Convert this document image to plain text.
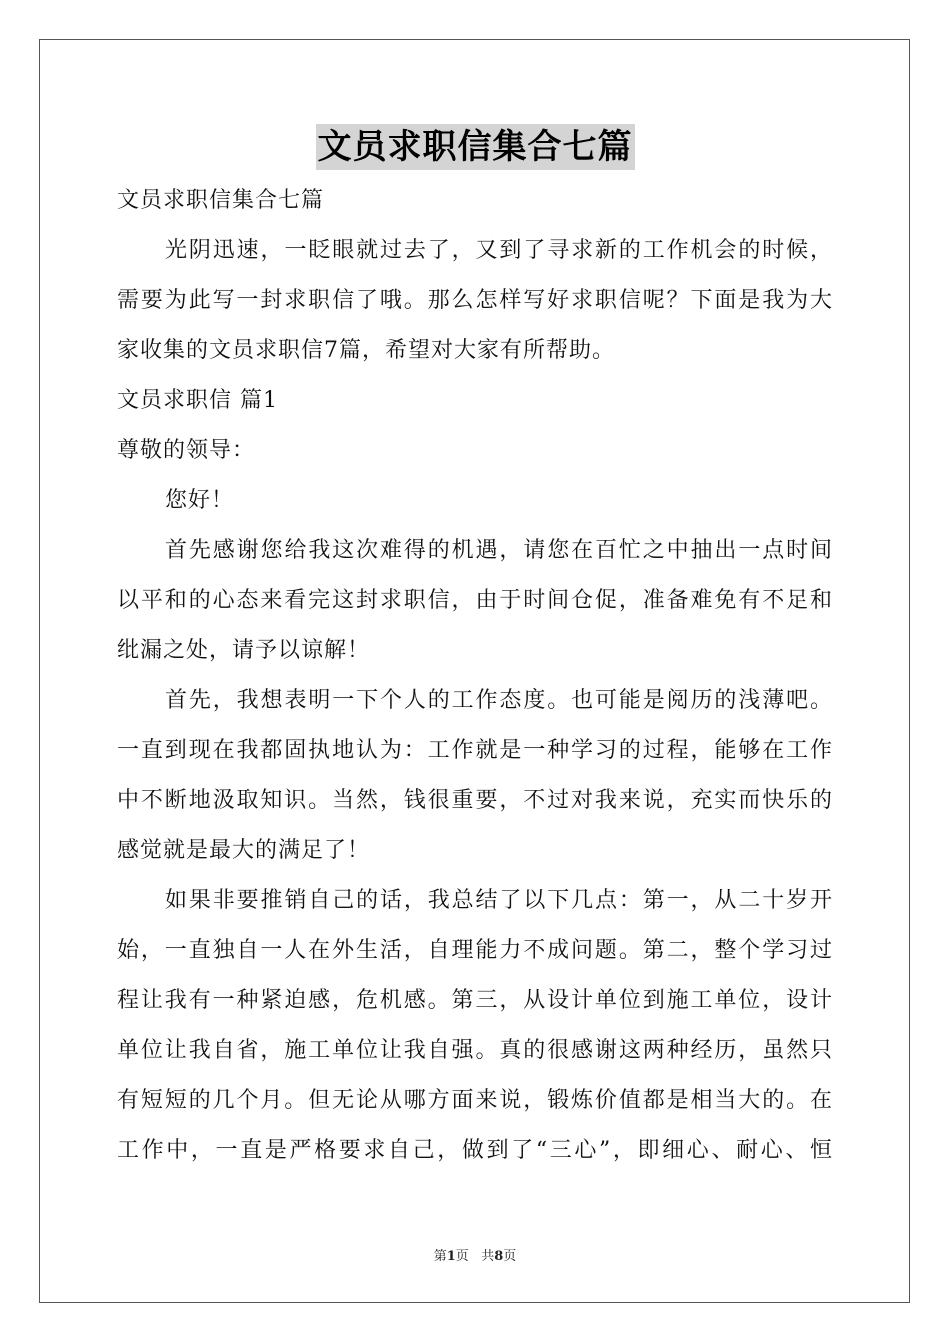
文员求职信集合七篇
文员求职信集合七篇
光阴迅速，一眨眼就过去了，又到了寻求新的工作机会的时候，
需要为此写一封求职信了哦。那么怎样写好求职信呢？下面是我为大
家收集的文员求职信7篇，希望对大家有所帮助。
文员求职信 篇1
尊敬的领导：
您好！
首先感谢您给我这次难得的机遇，请您在百忙之中抽出一点时间
以平和的心态来看完这封求职信，由于时间仓促，准备难免有不足和
纰漏之处，请予以谅解！
首先，我想表明一下个人的工作态度。也可能是阅历的浅薄吧。
一直到现在我都固执地认为：工作就是一种学习的过程，能够在工作
中不断地汲取知识。当然，钱很重要，不过对我来说，充实而快乐的
感觉就是最大的满足了！
如果非要推销自己的话，我总结了以下几点：第一，从二十岁开
始，一直独自一人在外生活，自理能力不成问题。第二，整个学习过
程让我有一种紧迫感，危机感。第三，从设计单位到施工单位，设计
单位让我自省，施工单位让我自强。真的很感谢这两种经历，虽然只
有短短的几个月。但无论从哪方面来说，锻炼价值都是相当大的。在
工作中，一直是严格要求自己，做到了“三心”，即细心、耐心、恒
第1页 共8页
